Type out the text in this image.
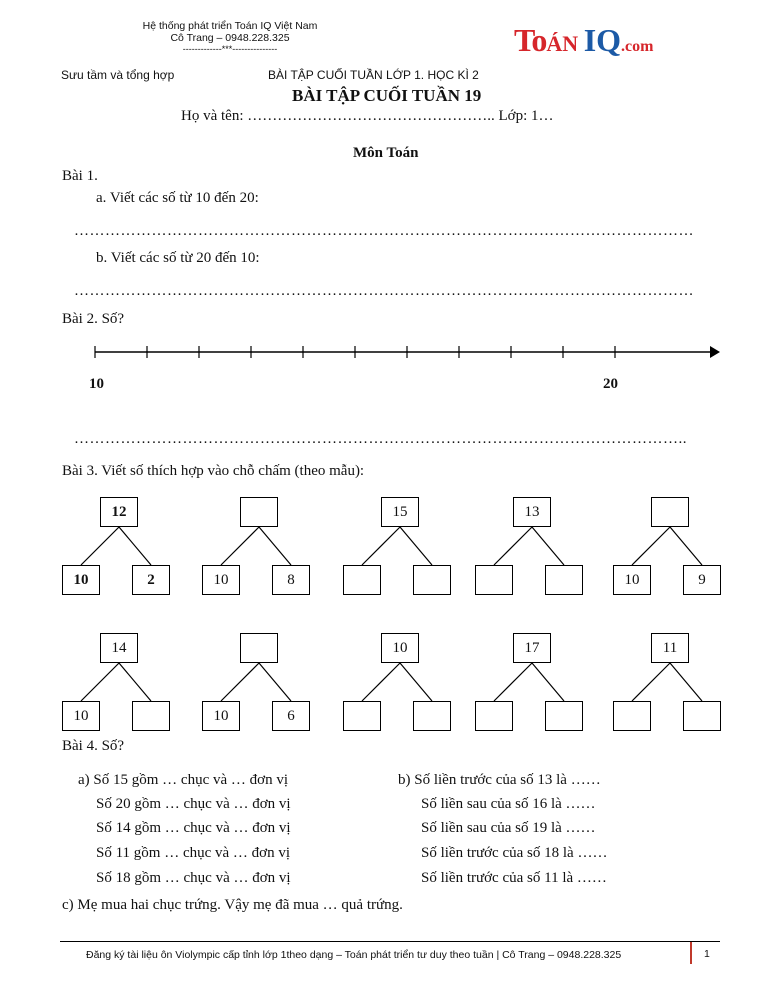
Hệ thống phát triển Toán IQ Việt Nam
Cô Trang – 0948.228.325
-------------***---------------	ToÁN IQ.com
Sưu tầm và tổng hợp	BÀI TẬP CUỐI TUẦN LỚP 1. HỌC KÌ 2
BÀI TẬP CUỐI TUẦN 19
Họ và tên: ………………………………………….. Lớp: 1…
Môn Toán
Bài 1.
a. Viết các số từ 10 đến 20:
…………………………………………………………………………………………………………
b. Viết các số từ 20 đến 10:
…………………………………………………………………………………………………………
Bài 2. Số?
10	20
………………………………………………………………………………………………………..
Bài 3. Viết số thích hợp vào chỗ chấm (theo mẫu):
12
10	2	10	8
15	13
10	9
14
10	10	6
10	17	11
Bài 4. Số?
a) Số 15 gồm … chục và … đơn vị
Số 20 gồm … chục và … đơn vị
Số 14 gồm … chục và … đơn vị
Số 11 gồm … chục và … đơn vị
Số 18 gồm … chục và … đơn vị
b) Số liền trước của số 13 là ……
Số liền sau của số 16 là ……
Số liền sau của số 19 là ……
Số liền trước của số 18 là ……
Số liền trước của số 11 là ……
c) Mẹ mua hai chục trứng. Vậy mẹ đã mua … quả trứng.
Đăng ký tài liệu ôn Violympic cấp tỉnh lớp 1theo dạng – Toán phát triển tư duy theo tuần | Cô Trang – 0948.228.325	1
